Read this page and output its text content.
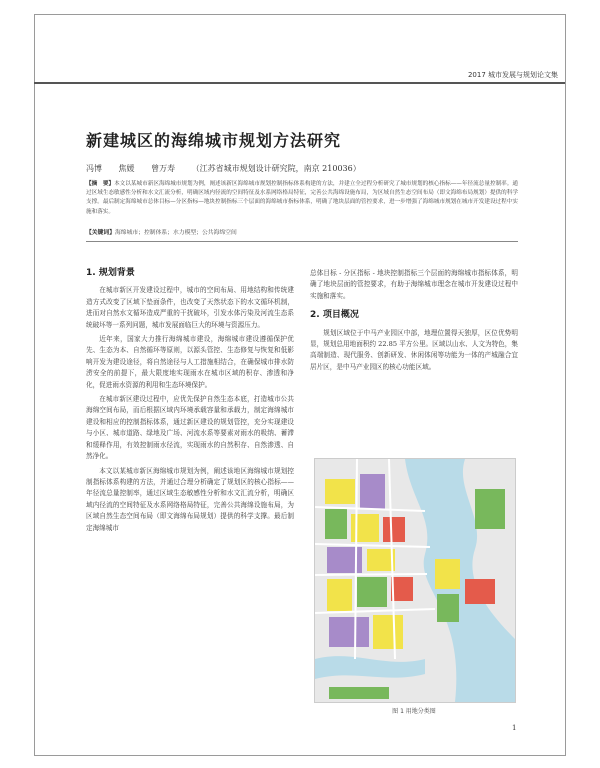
2017 城市发展与规划论文集
新建城区的海绵城市规划方法研究
冯博 焦媛 曾万寿 （江苏省城市规划设计研究院，南京 210036）
【摘　要】本文以某城市新区海绵城市规划为例，阐述该新区海绵城市规划控制指标体系构建的方法，并建立全过程分析研究了城市规划的核心指标——年径流总量控制率。通过区域生态敏感性分析和水文汇流分析，明确区域内径流的空间特征及水系网络格局特征，完善公共海绵设施布局，为区域自然生态空间布局（即文海绵布局规划）提供的科学支撑。最后制定海绵城市总体目标—分区指标—地块控制指标三个层面的海绵城市指标体系，明确了地块层面的管控要求，进一步增强了海绵城市规划在城市开发建设过程中实施和落实。
【关键词】海绵城市；控制体系；水力模型；公共海绵空间
1. 规划背景

在城市新区开发建设过程中，城市的空间布局、用地结构和传统建造方式改变了区域下垫面条件，也改变了天然状态下的水文循环机制，进而对自然水文循环造成严重的干扰破坏，引发水体污染及河流生态系统破坏等一系列问题，城市发展面临巨大的环境与资源压力。

近年来，国家大力推行海绵城市建设，海绵城市建设遵循保护优先、生态为本、自然循环等原则，以源头管控、生态修复与恢复和低影响开发为建设途径，将自然途径与人工措施相结合，在确保城市排水防涝安全的前提下，最大限度地实现雨水在城市区域的积存、渗透和净化，促进雨水资源的利用和生态环境保护。

在城市新区建设过程中，应优先保护自然生态本底，打造城市公共海绵空间布局，而后根据区域内环境承载容量和承载力，制定海绵城市建设和相应的控制指标体系，通过新区建设的规划管控，充分实现建设与小区、城市道路、绿地及广场、河流水系等要素对雨水的吸纳、蓄滞和缓释作用，有效控制雨水径流，实现雨水的自然积存、自然渗透、自然净化。

本文以某城市新区海绵城市规划为例，阐述该地区海绵城市规划控制指标体系构建的方法，并通过合理分析确定了规划区的核心指标——年径流总量控制率，通过区域生态敏感性分析和水文汇流分析，明确区域内径流的空间特征及水系网络格局特征，完善公共海绵设施布局，为区域自然生态空间布局（即文海绵布局规划）提供的科学支撑。最后制定海绵城市

总体目标 - 分区指标 - 地块控制指标三个层面的海绵城市指标体系，明确了地块层面的管控要求，有助于海绵城市理念在城市开发建设过程中实施和落实。

2. 项目概况

规划区域位于中马产业园区中部，地理位置得天独厚，区位优势明显，规划总用地面积约 22.85 平方公里。区域以山水、人文为特色，集高端制造、现代服务、创新研发、休闲体闲等功能为一体的产城融合宜居片区，是中马产业园区的核心功能区域。

图 1 用地分类图
1
